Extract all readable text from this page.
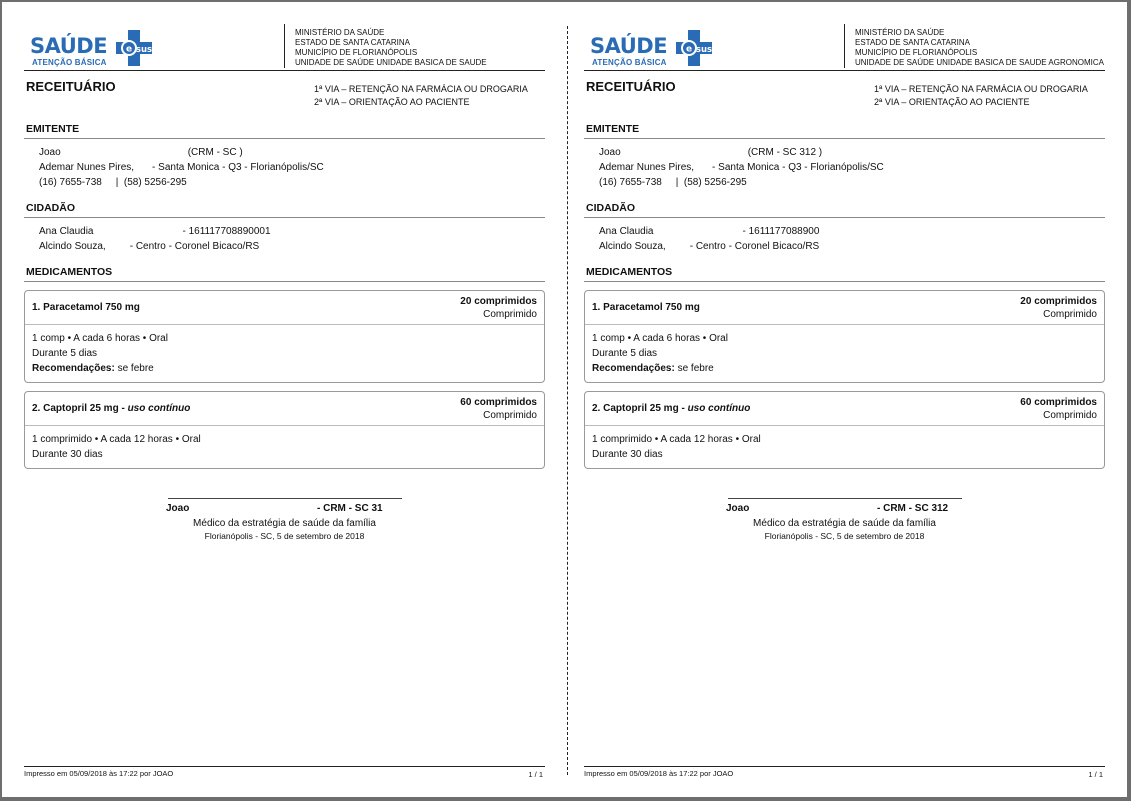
SAÚDE
ATENÇÃO BÁSICA
e sus
MINISTÉRIO DA SAÚDE
ESTADO DE SANTA CATARINA
MUNICÍPIO DE FLORIANÓPOLIS
UNIDADE DE SAÚDE UNIDADE BASICA DE SAUDE
RECEITUÁRIO	1ª VIA – RETENÇÃO NA FARMÁCIA OU DROGARIA
2ª VIA – ORIENTAÇÃO AO PACIENTE
EMITENTE
Joao	(CRM - SC )
Ademar Nunes Pires, - Santa Monica - Q3 - Florianópolis/SC
(16) 7655-738     |  (58) 5256-295
CIDADÃO
Ana Claudia	- 161117708890001
Alcindo Souza, - Centro - Coronel Bicaco/RS
MEDICAMENTOS
1. Paracetamol 750 mg
20 comprimidos
Comprimido
1 comp • A cada 6 horas • Oral
Durante 5 dias
Recomendações: se febre
2. Captopril 25 mg - uso contínuo
60 comprimidos
Comprimido
1 comprimido • A cada 12 horas • Oral
Durante 30 dias
Joao	- CRM - SC 31
Médico da estratégia de saúde da família
Florianópolis - SC, 5 de setembro de 2018
Impresso em 05/09/2018 às 17:22 por JOAO	1 / 1
SAÚDE
ATENÇÃO BÁSICA
e sus
MINISTÉRIO DA SAÚDE
ESTADO DE SANTA CATARINA
MUNICÍPIO DE FLORIANÓPOLIS
UNIDADE DE SAÚDE UNIDADE BASICA DE SAUDE AGRONOMICA
RECEITUÁRIO	1ª VIA – RETENÇÃO NA FARMÁCIA OU DROGARIA
2ª VIA – ORIENTAÇÃO AO PACIENTE
EMITENTE
Joao	(CRM - SC 312 )
Ademar Nunes Pires, - Santa Monica - Q3 - Florianópolis/SC
(16) 7655-738     |  (58) 5256-295
CIDADÃO
Ana Claudia	- 1611177088900
Alcindo Souza, - Centro - Coronel Bicaco/RS
MEDICAMENTOS
1. Paracetamol 750 mg
20 comprimidos
Comprimido
1 comp • A cada 6 horas • Oral
Durante 5 dias
Recomendações: se febre
2. Captopril 25 mg - uso contínuo
60 comprimidos
Comprimido
1 comprimido • A cada 12 horas • Oral
Durante 30 dias
Joao	- CRM - SC 312
Médico da estratégia de saúde da família
Florianópolis - SC, 5 de setembro de 2018
Impresso em 05/09/2018 às 17:22 por JOAO	1 / 1
